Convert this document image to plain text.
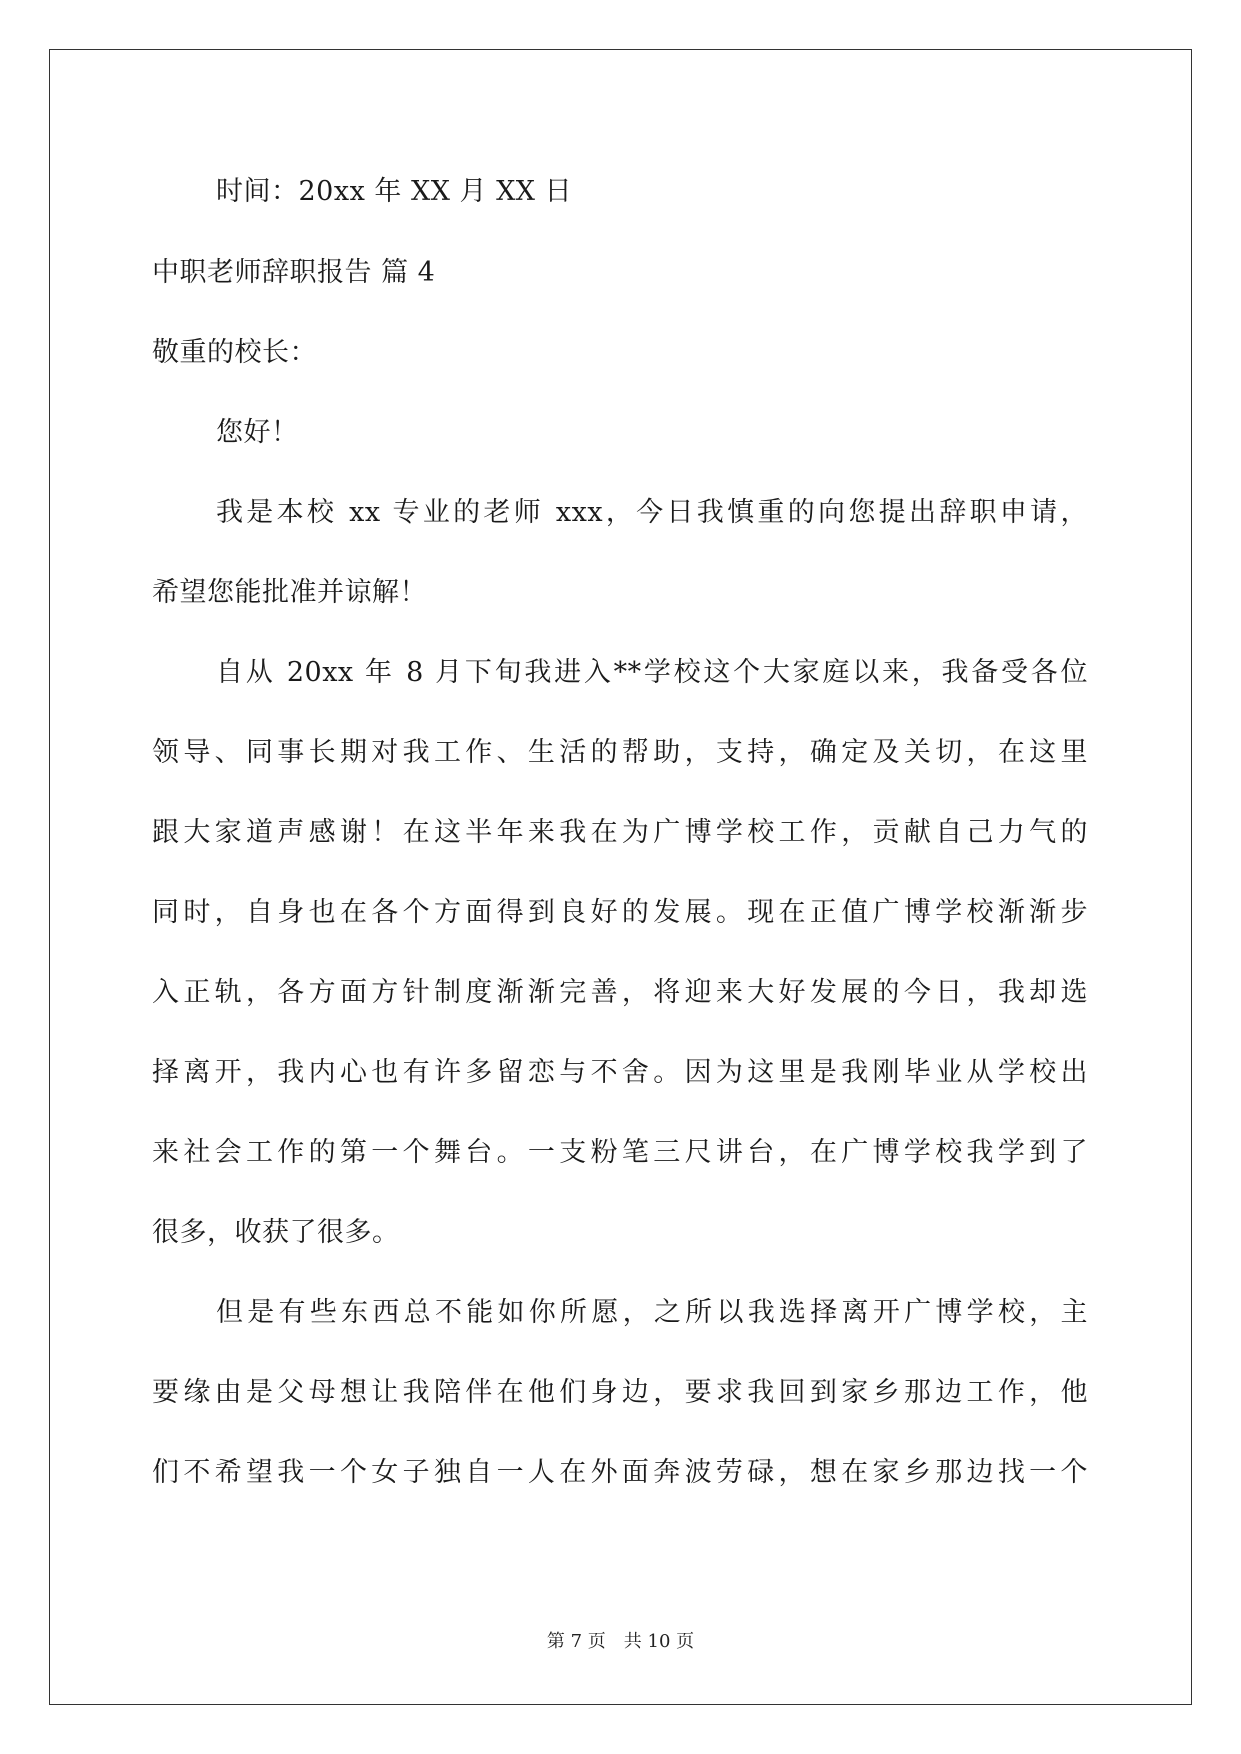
时间：20xx 年 XX 月 XX 日
中职老师辞职报告 篇 4
敬重的校长：
您好！
我是本校 xx 专业的老师 xxx，今日我慎重的向您提出辞职申请，
希望您能批准并谅解！
自从 20xx 年 8 月下旬我进入**学校这个大家庭以来，我备受各位
领导、同事长期对我工作、生活的帮助，支持，确定及关切，在这里
跟大家道声感谢！在这半年来我在为广博学校工作，贡献自己力气的
同时，自身也在各个方面得到良好的发展。现在正值广博学校渐渐步
入正轨，各方面方针制度渐渐完善，将迎来大好发展的今日，我却选
择离开，我内心也有许多留恋与不舍。因为这里是我刚毕业从学校出
来社会工作的第一个舞台。一支粉笔三尺讲台，在广博学校我学到了
很多，收获了很多。
但是有些东西总不能如你所愿，之所以我选择离开广博学校，主
要缘由是父母想让我陪伴在他们身边，要求我回到家乡那边工作，他
们不希望我一个女子独自一人在外面奔波劳碌，想在家乡那边找一个
第 7 页 共 10 页
